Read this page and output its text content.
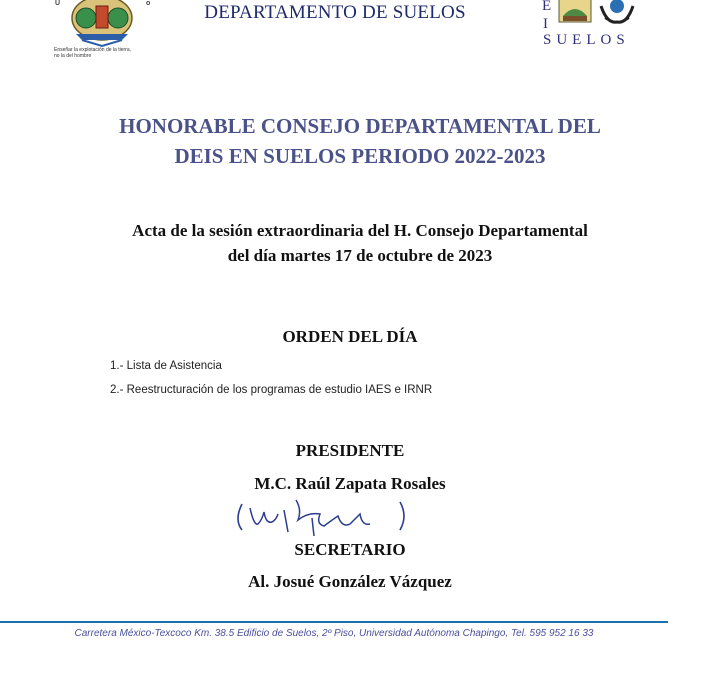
U	o
Enseñar la explotación de la tierra,
no la del hombre
DEPARTAMENTO DE SUELOS	E
I
SUELOS
HONORABLE CONSEJO DEPARTAMENTAL DEL
DEIS EN SUELOS PERIODO 2022-2023
Acta de la sesión extraordinaria del H. Consejo Departamental
del día martes 17 de octubre de 2023
ORDEN DEL DÍA
1.- Lista de Asistencia
2.- Reestructuración de los programas de estudio IAES e IRNR
PRESIDENTE
M.C. Raúl Zapata Rosales
SECRETARIO
Al. Josué González Vázquez
Carretera México-Texcoco Km. 38.5 Edificio de Suelos, 2º Piso, Universidad Autónoma Chapingo, Tel. 595 952 16 33
